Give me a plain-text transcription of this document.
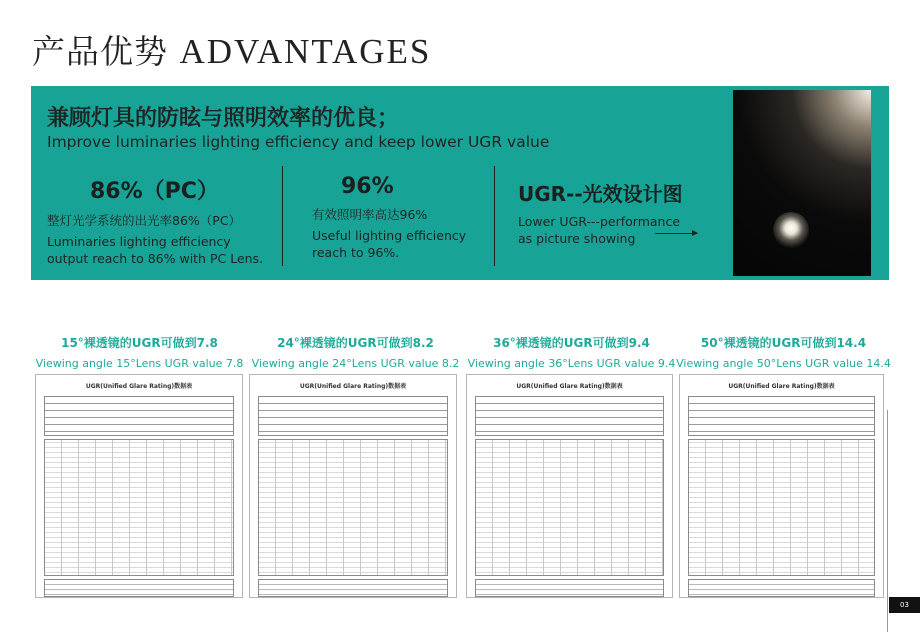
产品优势 ADVANTAGES
兼顾灯具的防眩与照明效率的优良；
Improve luminaries lighting efficiency and keep lower UGR value
86%（PC）
整灯光学系统的出光率86%（PC）
Luminaries lighting efficiency
output reach to 86% with PC Lens.
96%
有效照明率高达96%
Useful lighting efficiency
reach to 96%.
UGR--光效设计图
Lower UGR---performance
as picture showing
15°裸透镜的UGR可做到7.8
Viewing angle 15°Lens UGR value 7.8
24°裸透镜的UGR可做到8.2
Viewing angle 24°Lens UGR value 8.2
36°裸透镜的UGR可做到9.4
Viewing angle 36°Lens UGR value 9.4
50°裸透镜的UGR可做到14.4
Viewing angle 50°Lens UGR value 14.4
UGR(Unified Glare Rating)数据表	UGR(Unified Glare Rating)数据表	UGR(Unified Glare Rating)数据表	UGR(Unified Glare Rating)数据表
03
